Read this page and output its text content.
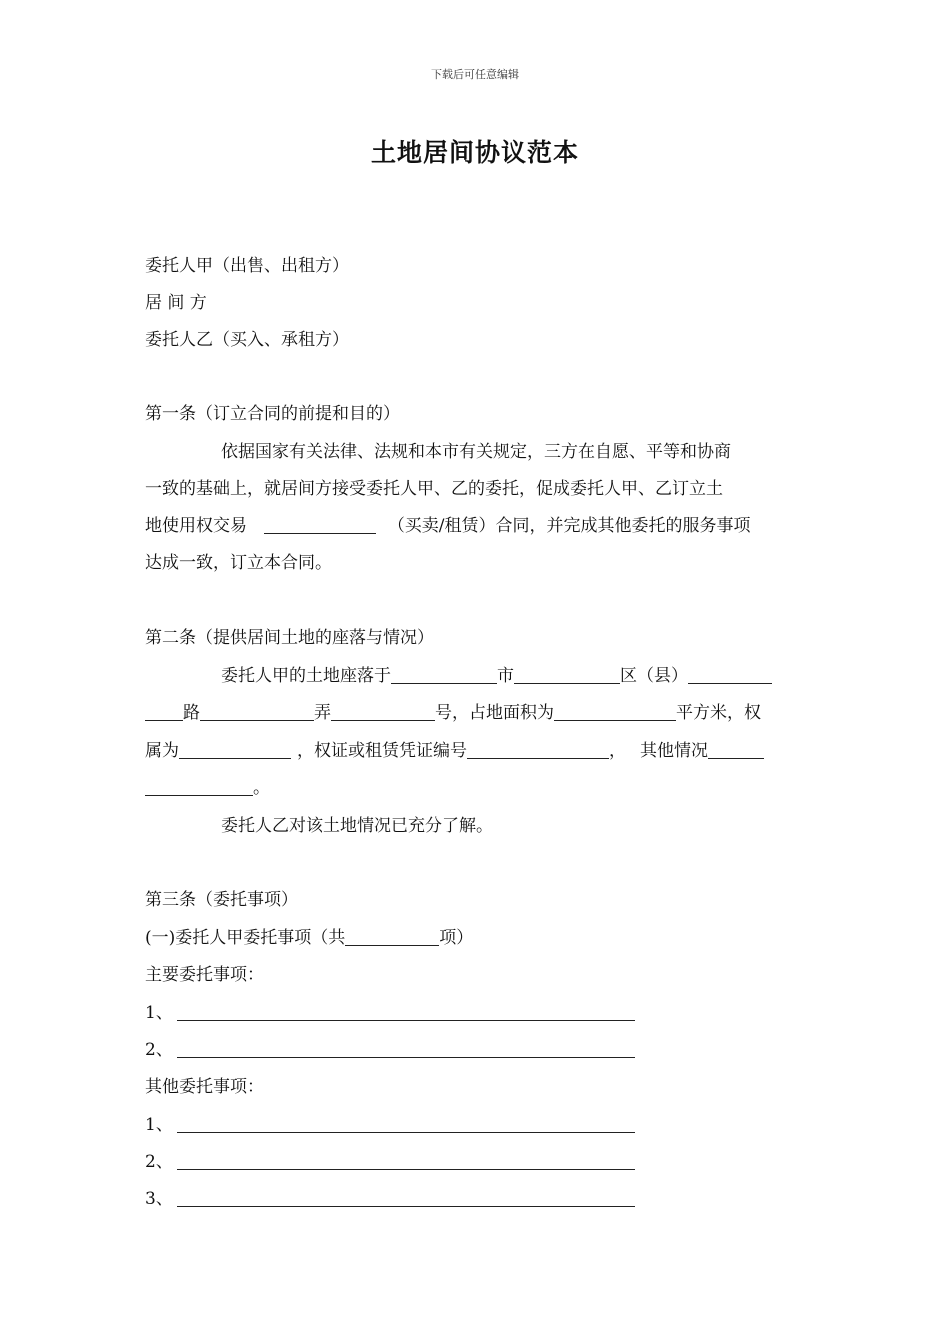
下载后可任意编辑
土地居间协议范本
委托人甲（出售、出租方）
居 间 方
委托人乙（买入、承租方）
第一条（订立合同的前提和目的）
依据国家有关法律、法规和本市有关规定，三方在自愿、平等和协商
一致的基础上，就居间方接受委托人甲、乙的委托，促成委托人甲、乙订立土
地使用权交易	（买卖/租赁）合同，并完成其他委托的服务事项
达成一致，订立本合同。
第二条（提供居间土地的座落与情况）
委托人甲的土地座落于	市	区（县）
路	弄	号，占地面积为	平方米，权
属为	，权证或租赁凭证编号	， 其他情况
。
委托人乙对该土地情况已充分了解。
第三条（委托事项）
(一)委托人甲委托事项（共	项）
主要委托事项：
1、
2、
其他委托事项：
1、
2、
3、
